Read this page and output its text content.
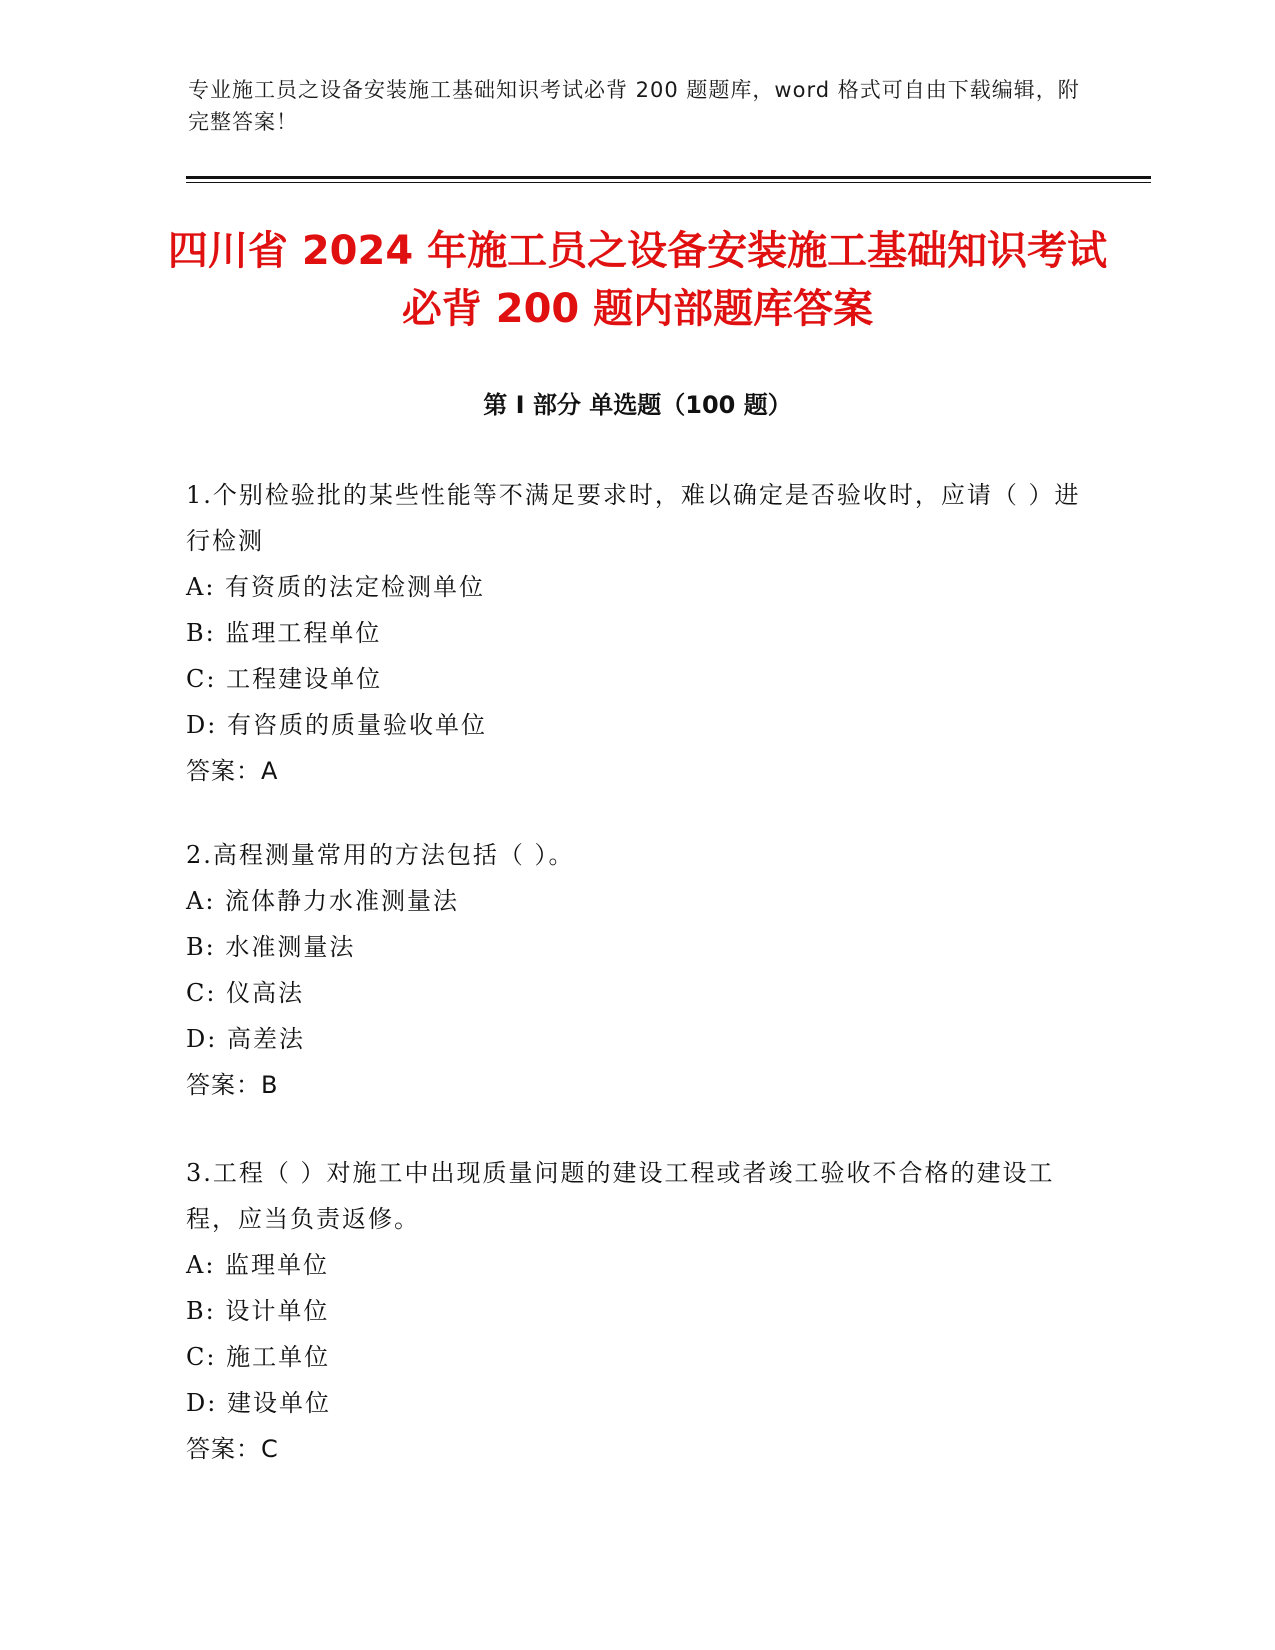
专业施工员之设备安装施工基础知识考试必背 200 题题库，word 格式可自由下载编辑，附完整答案！
四川省 2024 年施工员之设备安装施工基础知识考试必背 200 题内部题库答案
第 I 部分 单选题（100 题）
1.个别检验批的某些性能等不满足要求时，难以确定是否验收时，应请（ ）进行检测
A: 有资质的法定检测单位
B: 监理工程单位
C: 工程建设单位
D: 有咨质的质量验收单位
答案：A
2.高程测量常用的方法包括（ ）。
A: 流体静力水准测量法
B: 水准测量法
C: 仪高法
D: 高差法
答案：B
3.工程（ ）对施工中出现质量问题的建设工程或者竣工验收不合格的建设工程，应当负责返修。
A: 监理单位
B: 设计单位
C: 施工单位
D: 建设单位
答案：C
